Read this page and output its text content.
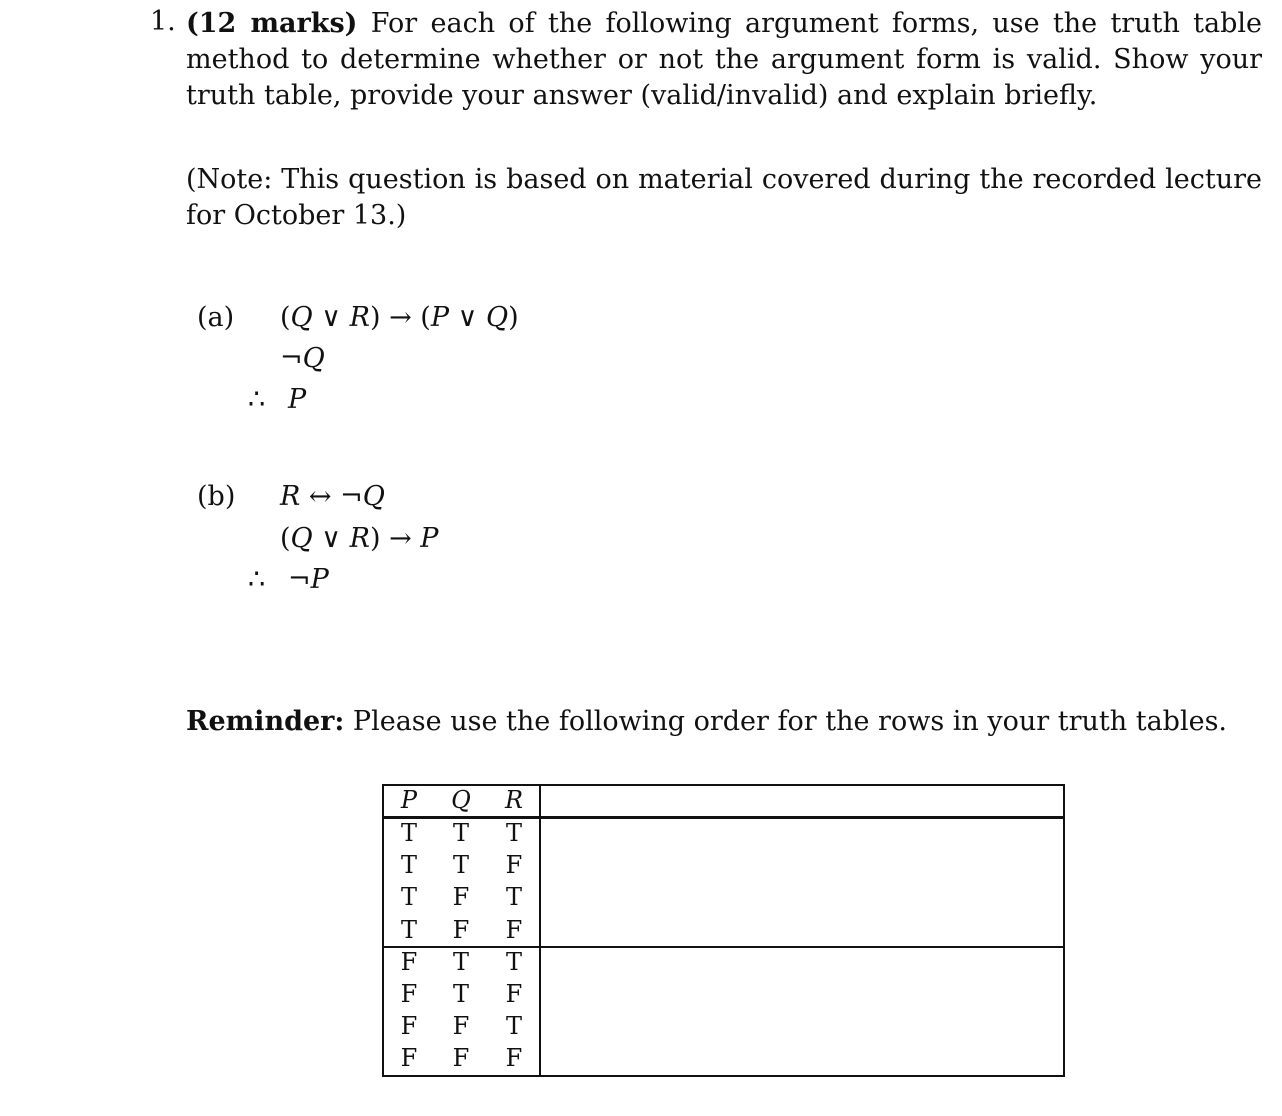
1. (12 marks) For each of the following argument forms, use the truth table method to determine whether or not the argument form is valid. Show your truth table, provide your answer (valid/invalid) and explain briefly.
(Note: This question is based on material covered during the recorded lecture for October 13.)
(a) (Q ∨ R) → (P ∨ Q)
¬Q
∴ P
(b) R ↔ ¬Q
(Q ∨ R) → P
∴ ¬P
Reminder: Please use the following order for the rows in your truth tables.
P Q R
T T T
T T F
T F T
T F F
F T T
F T F
F F T
F F F
